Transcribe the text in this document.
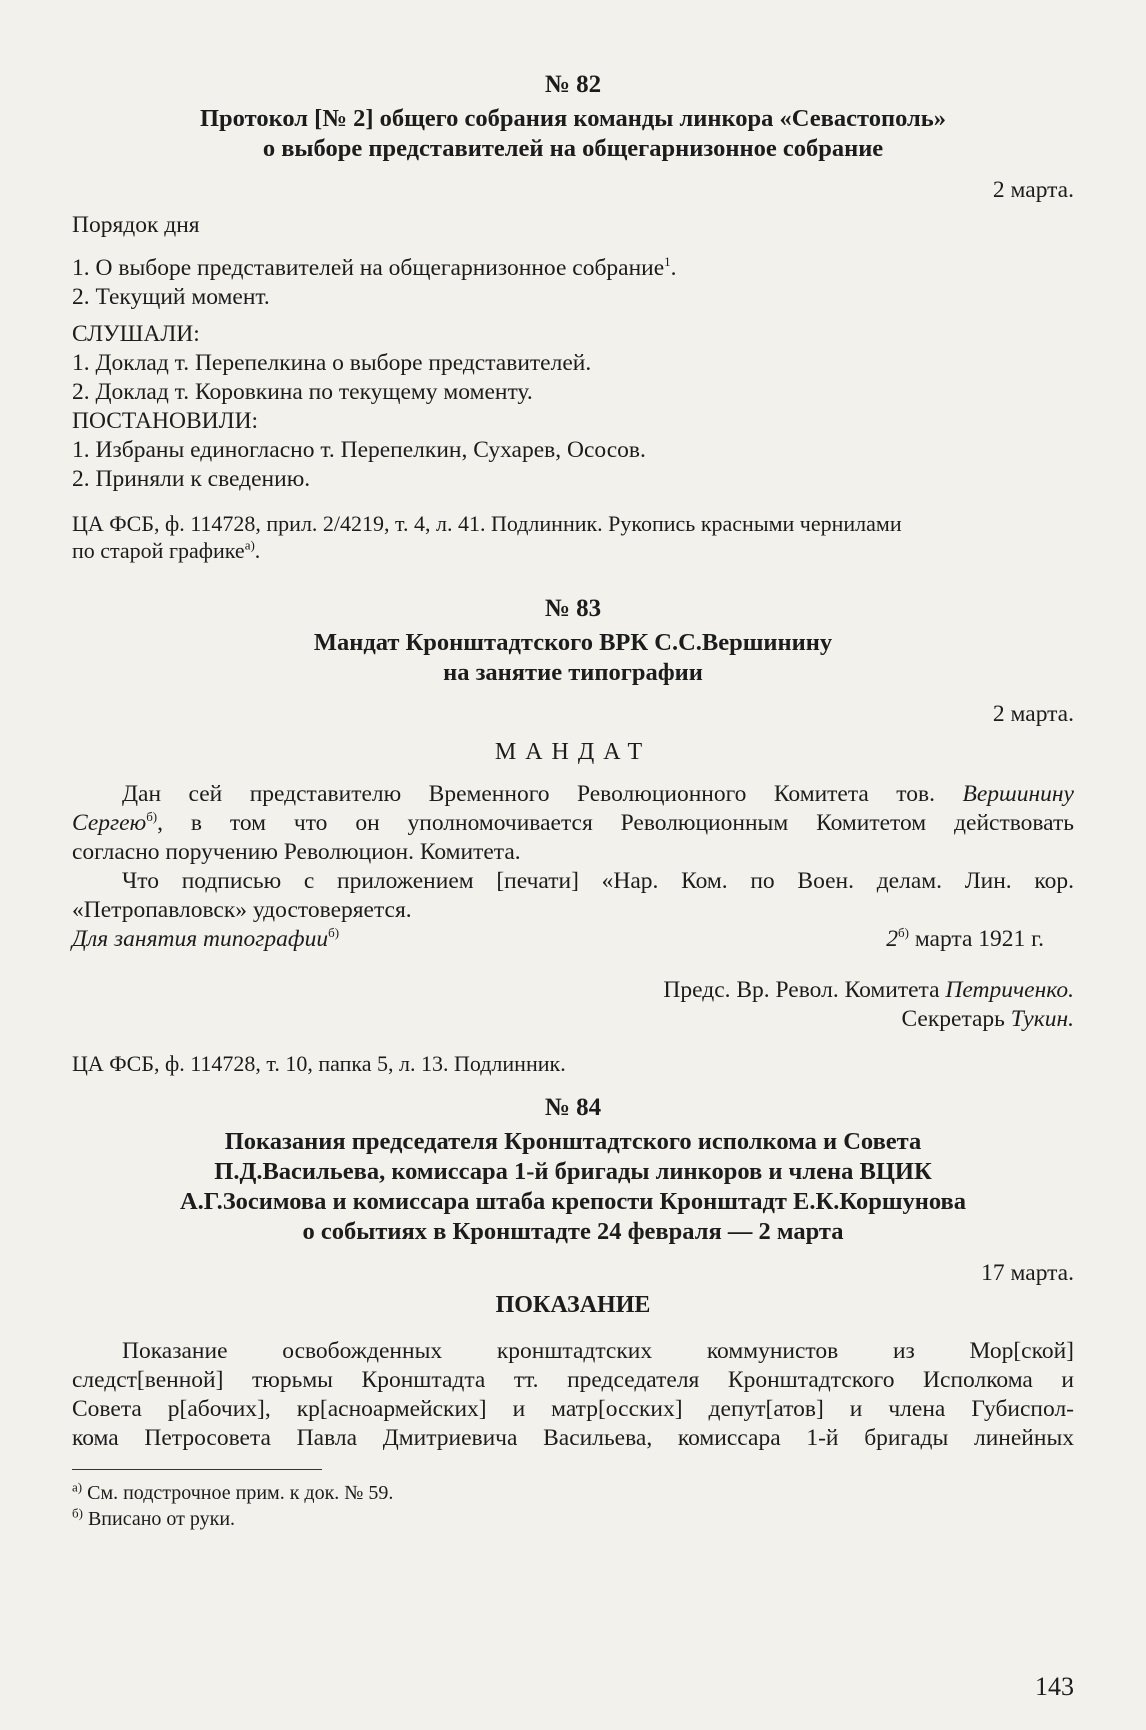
№ 82
Протокол [№ 2] общего собрания команды линкора «Севастополь»
о выборе представителей на общегарнизонное собрание
2 марта.
Порядок дня
1. О выборе представителей на общегарнизонное собрание$^1$.
2. Текущий момент.
СЛУШАЛИ:
1. Доклад т. Перепелкина о выборе представителей.
2. Доклад т. Коровкина по текущему моменту.
ПОСТАНОВИЛИ:
1. Избраны единогласно т. Перепелкин, Сухарев, Ососов.
2. Приняли к сведению.
ЦА ФСБ, ф. 114728, прил. 2/4219, т. 4, л. 41. Подлинник. Рукопись красными чернилами
по старой графике$^{а)}$.
№ 83
Мандат Кронштадтского ВРК С.С.Вершинину
на занятие типографии
2 марта.
МАНДАТ
Дан сей представителю Временного Революционного Комитета тов. Вершинину
Сергею$^{б)}$, в том что он уполномочивается Революционным Комитетом действовать
согласно поручению Революцион. Комитета.
Что подписью с приложением [печати] «Нар. Ком. по Воен. делам. Лин. кор.
«Петропавловск» удостоверяется.
Для занятия типографии$^{б)}$	$2^{б)}$ марта 1921 г.
Предс. Вр. Револ. Комитета Петриченко.
Секретарь Тукин.
ЦА ФСБ, ф. 114728, т. 10, папка 5, л. 13. Подлинник.
№ 84
Показания председателя Кронштадтского исполкома и Совета
П.Д.Васильева, комиссара 1-й бригады линкоров и члена ВЦИК
А.Г.Зосимова и комиссара штаба крепости Кронштадт Е.К.Коршунова
о событиях в Кронштадте 24 февраля — 2 марта
17 марта.
ПОКАЗАНИЕ
Показание освобожденных кронштадтских коммунистов из Мор[ской]
следст[венной] тюрьмы Кронштадта тт. председателя Кронштадтского Исполкома и
Совета р[абочих], кр[асноармейских] и матр[осских] депут[атов] и члена Губиспол-
кома Петросовета Павла Дмитриевича Васильева, комиссара 1-й бригады линейных
$^{а)}$ См. подстрочное прим. к док. № 59.
$^{б)}$ Вписано от руки.
143
